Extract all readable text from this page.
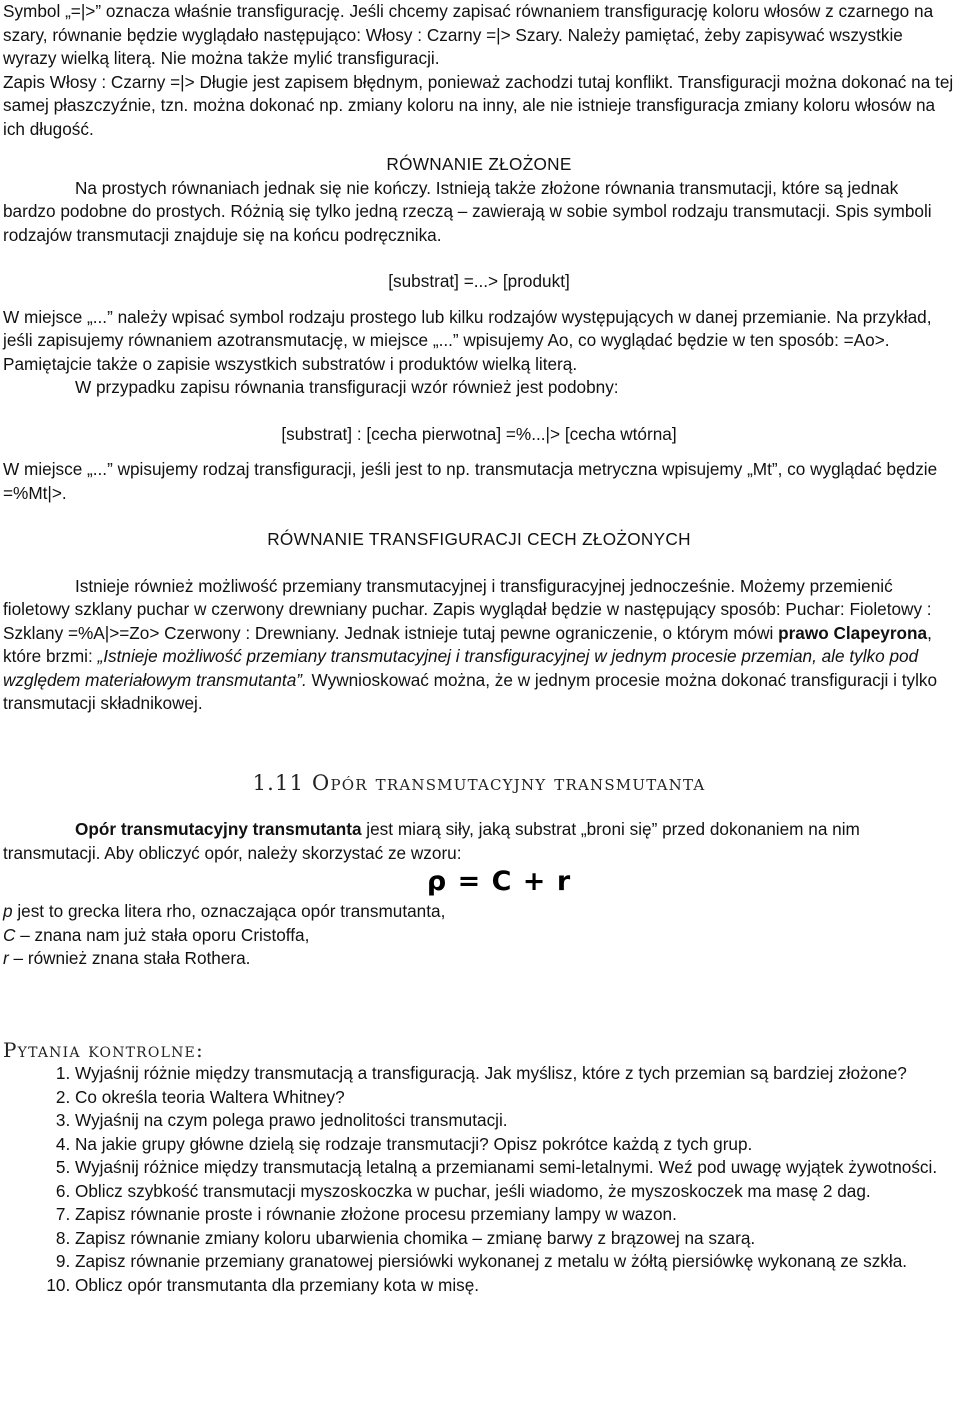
Symbol „=|>” oznacza właśnie transfigurację. Jeśli chcemy zapisać równaniem transfigurację koloru włosów z czarnego na szary, równanie będzie wyglądało następująco: Włosy : Czarny =|> Szary. Należy pamiętać, żeby zapisywać wszystkie wyrazy wielką literą. Nie można także mylić transfiguracji.

Zapis Włosy : Czarny =|> Długie jest zapisem błędnym, ponieważ zachodzi tutaj konflikt. Transfiguracji można dokonać na tej samej płaszczyźnie, tzn. można dokonać np. zmiany koloru na inny, ale nie istnieje transfiguracja zmiany koloru włosów na ich długość.

RÓWNANIE ZŁOŻONE

Na prostych równaniach jednak się nie kończy. Istnieją także złożone równania transmutacji, które są jednak bardzo podobne do prostych. Różnią się tylko jedną rzeczą – zawierają w sobie symbol rodzaju transmutacji. Spis symboli rodzajów transmutacji znajduje się na końcu podręcznika.

[substrat] =...> [produkt]

W miejsce „...” należy wpisać symbol rodzaju prostego lub kilku rodzajów występujących w danej przemianie. Na przykład, jeśli zapisujemy równaniem azotransmutację, w miejsce „...” wpisujemy Ao, co wyglądać będzie w ten sposób: =Ao>. Pamiętajcie także o zapisie wszystkich substratów i produktów wielką literą.

W przypadku zapisu równania transfiguracji wzór również jest podobny:

[substrat] : [cecha pierwotna] =%...|> [cecha wtórna]

W miejsce „...” wpisujemy rodzaj transfiguracji, jeśli jest to np. transmutacja metryczna wpisujemy „Mt”, co wyglądać będzie =%Mt|>.

RÓWNANIE TRANSFIGURACJI CECH ZŁOŻONYCH

Istnieje również możliwość przemiany transmutacyjnej i transfiguracyjnej jednocześnie. Możemy przemienić fioletowy szklany puchar w czerwony drewniany puchar. Zapis wyglądał będzie w następujący sposób: Puchar: Fioletowy : Szklany =%A|>=Zo> Czerwony : Drewniany. Jednak istnieje tutaj pewne ograniczenie, o którym mówi prawo Clapeyrona, które brzmi: „Istnieje możliwość przemiany transmutacyjnej i transfiguracyjnej w jednym procesie przemian, ale tylko pod względem materiałowym transmutanta”. Wywnioskować można, że w jednym procesie można dokonać transfiguracji i tylko transmutacji składnikowej.

1.11 Opór transmutacyjny transmutanta

Opór transmutacyjny transmutanta jest miarą siły, jaką substrat „broni się” przed dokonaniem na nim transmutacji. Aby obliczyć opór, należy skorzystać ze wzoru:

ρ = C + r

p jest to grecka litera rho, oznaczająca opór transmutanta,

C – znana nam już stała oporu Cristoffa,

r – również znana stała Rothera.

Pytania kontrolne:

1. Wyjaśnij różnie między transmutacją a transfiguracją. Jak myślisz, które z tych przemian są bardziej złożone?
2. Co określa teoria Waltera Whitney?
3. Wyjaśnij na czym polega prawo jednolitości transmutacji.
4. Na jakie grupy główne dzielą się rodzaje transmutacji? Opisz pokrótce każdą z tych grup.
5. Wyjaśnij różnice między transmutacją letalną a przemianami semi-letalnymi. Weź pod uwagę wyjątek żywotności.
6. Oblicz szybkość transmutacji myszoskoczka w puchar, jeśli wiadomo, że myszoskoczek ma masę 2 dag.
7. Zapisz równanie proste i równanie złożone procesu przemiany lampy w wazon.
8. Zapisz równanie zmiany koloru ubarwienia chomika – zmianę barwy z brązowej na szarą.
9. Zapisz równanie przemiany granatowej piersiówki wykonanej z metalu w żółtą piersiówkę wykonaną ze szkła.
10. Oblicz opór transmutanta dla przemiany kota w misę.
